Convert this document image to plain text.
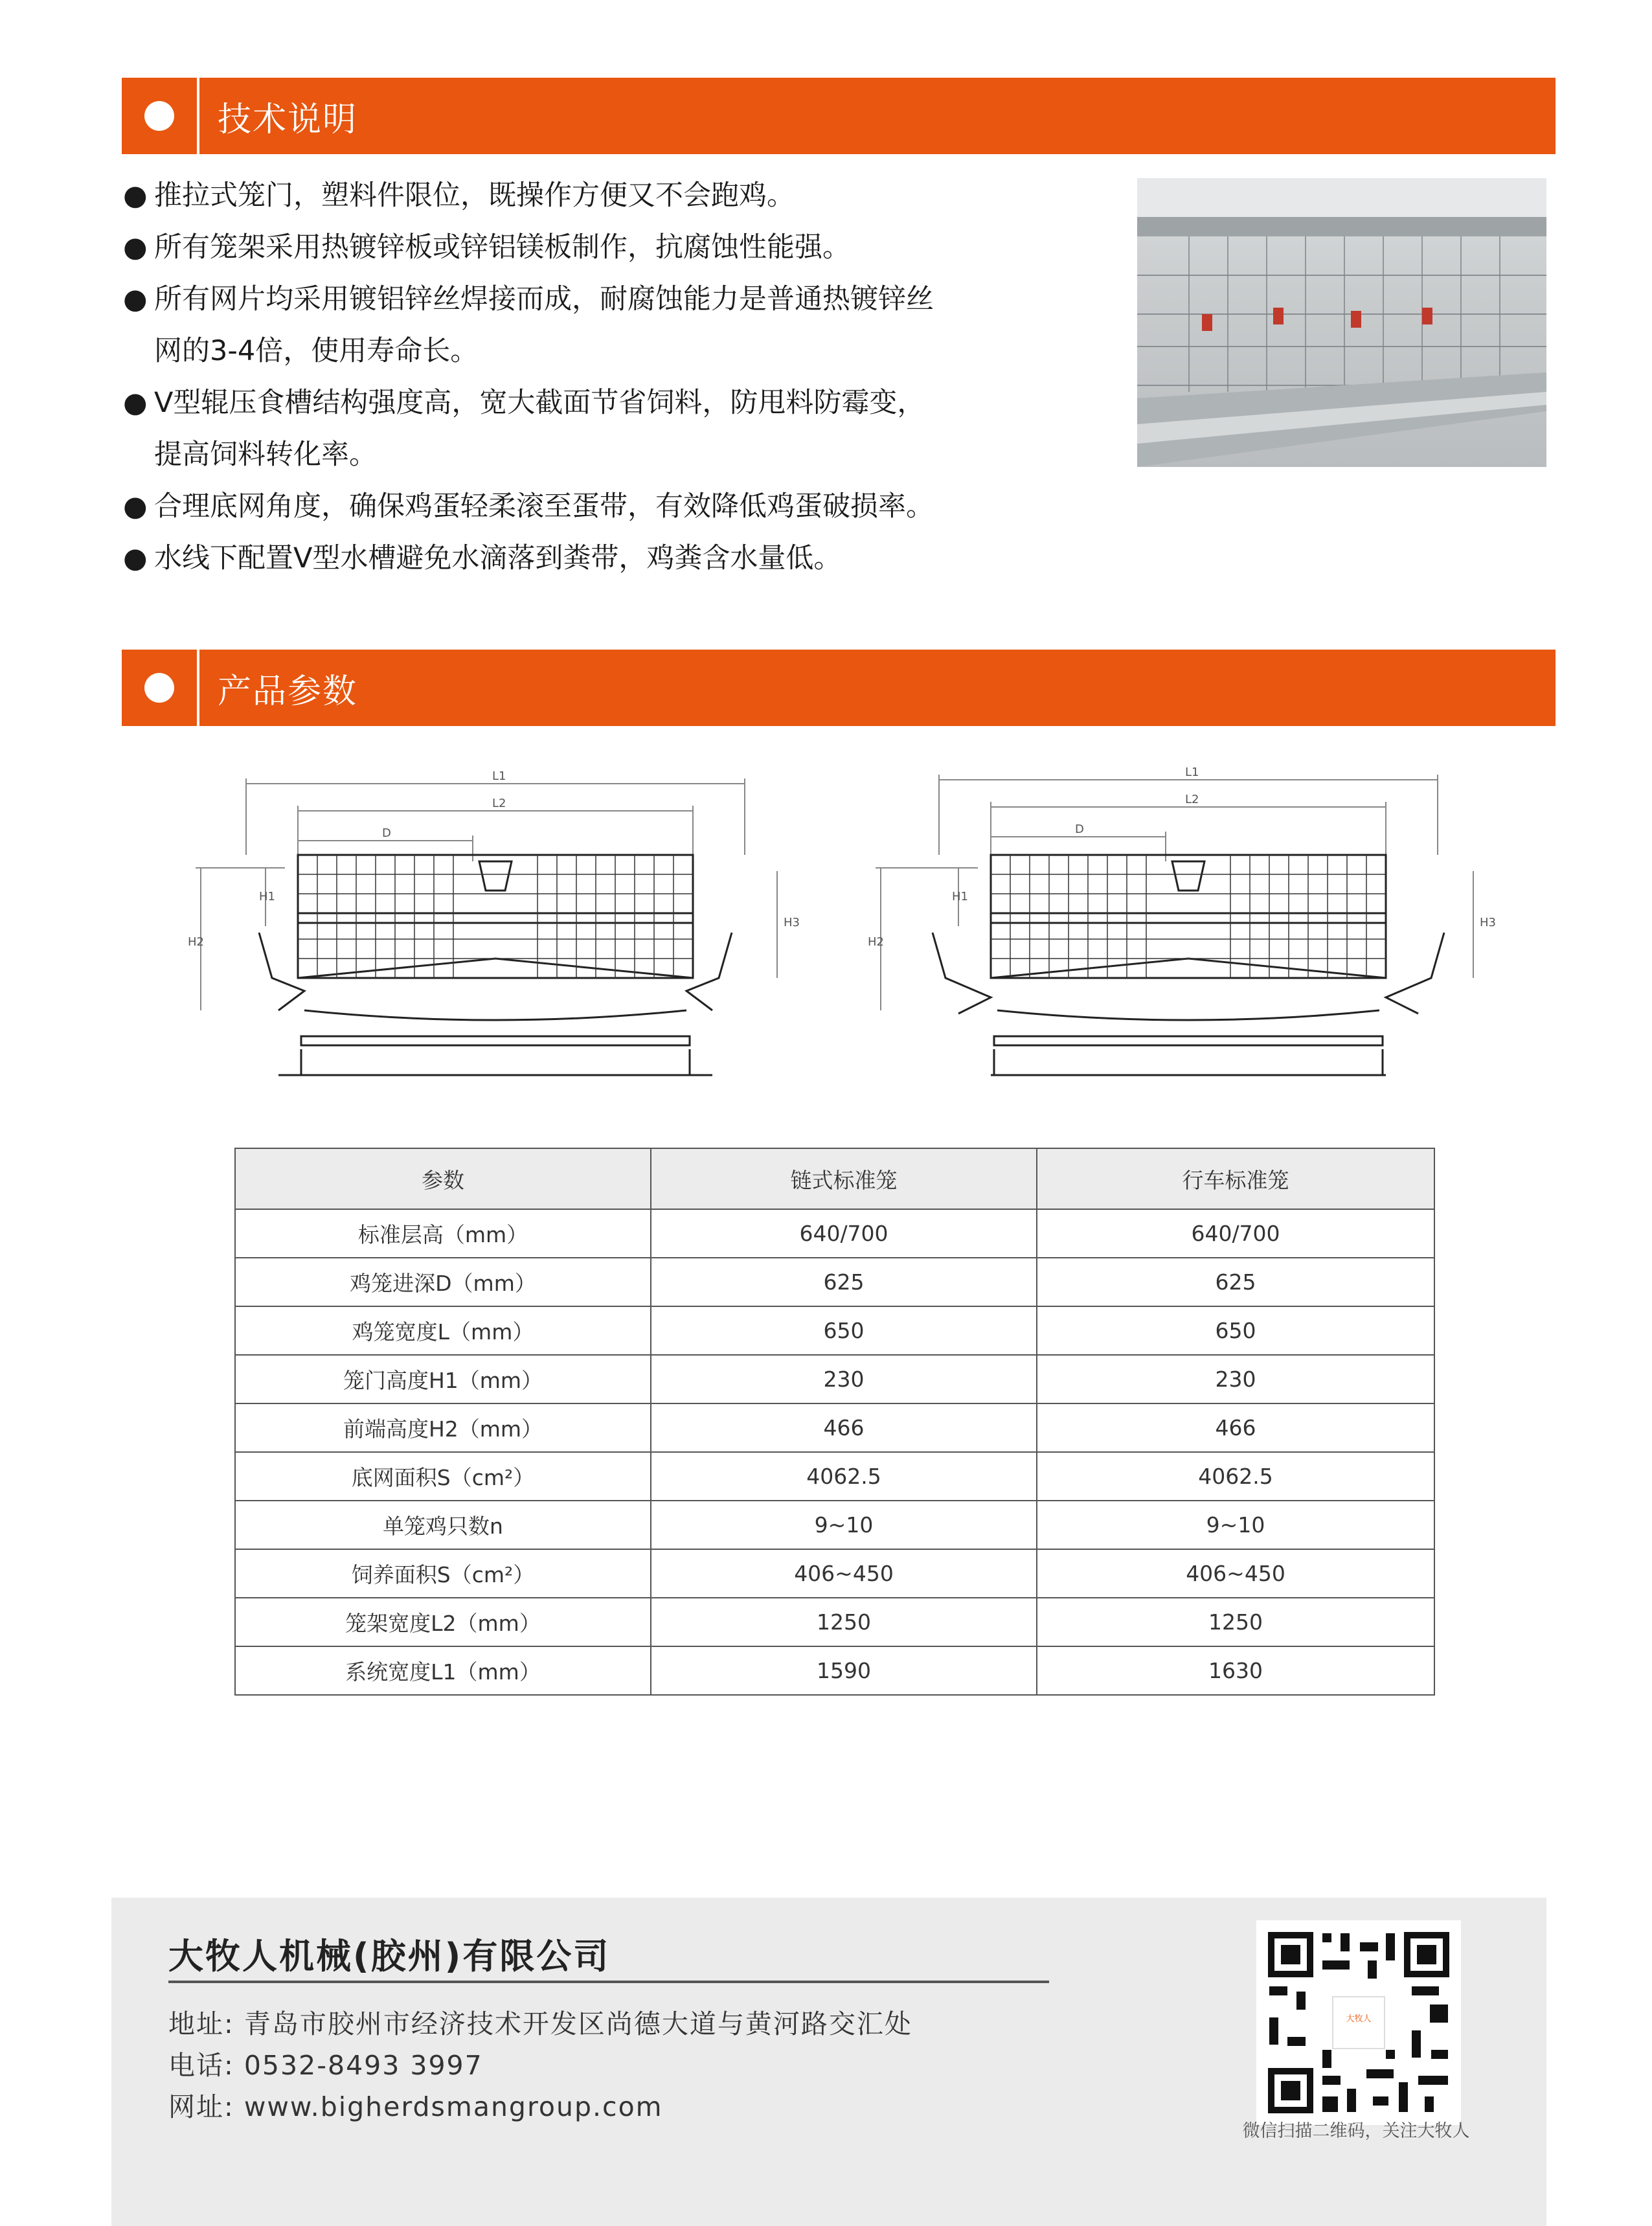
技术说明
● 推拉式笼门，塑料件限位，既操作方便又不会跑鸡。
● 所有笼架采用热镀锌板或锌铝镁板制作，抗腐蚀性能强。
● 所有网片均采用镀铝锌丝焊接而成，耐腐蚀能力是普通热镀锌丝
网的3-4倍，使用寿命长。
● V型辊压食槽结构强度高，宽大截面节省饲料，防甩料防霉变，
提高饲料转化率。
● 合理底网角度，确保鸡蛋轻柔滚至蛋带，有效降低鸡蛋破损率。
● 水线下配置V型水槽避免水滴落到粪带，鸡粪含水量低。
产品参数
L1
L2
D
H1
H2
H3
L1
L2
D
H1
H2
H3
参数	链式标准笼	行车标准笼
标准层高（mm）	640/700	640/700
鸡笼进深D（mm）	625	625
鸡笼宽度L（mm）	650	650
笼门高度H1（mm）	230	230
前端高度H2（mm）	466	466
底网面积S（cm²）	4062.5	4062.5
单笼鸡只数n	9~10	9~10
饲养面积S（cm²）	406~450	406~450
笼架宽度L2（mm）	1250	1250
系统宽度L1（mm）	1590	1630
大牧人机械(胶州)有限公司
地址: 青岛市胶州市经济技术开发区尚德大道与黄河路交汇处
电话: 0532-8493 3997
网址: www.bigherdsmangroup.com
大牧人
微信扫描二维码，关注大牧人
